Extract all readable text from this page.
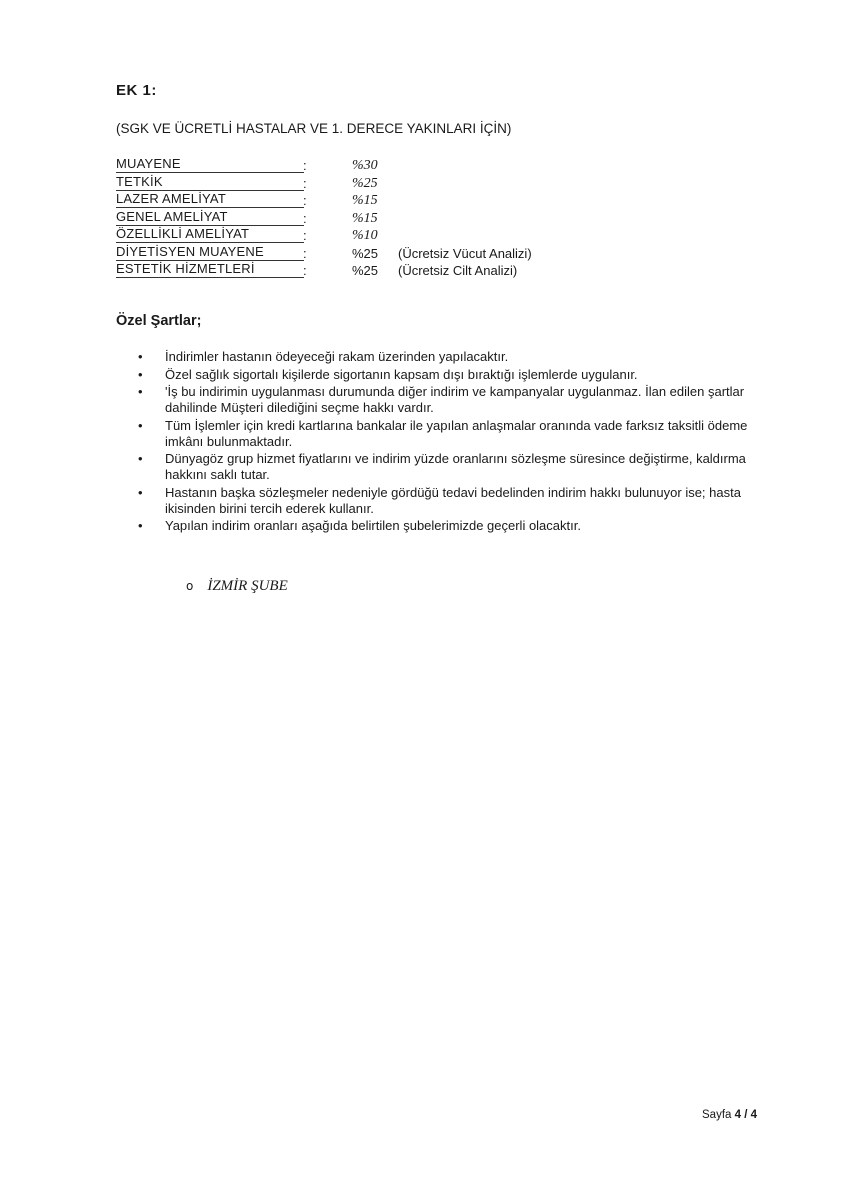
EK 1:
(SGK VE ÜCRETLİ HASTALAR VE 1. DERECE YAKINLARI İÇİN)
MUAYENE	:	%30
TETKİK	:	%25
LAZER AMELİYAT	:	%15
GENEL AMELİYAT	:	%15
ÖZELLİKLİ AMELİYAT	:	%10
DİYETİSYEN MUAYENE	:	%25 (Ücretsiz Vücut Analizi)
ESTETİK HİZMETLERİ	:	%25 (Ücretsiz Cilt Analizi)
Özel Şartlar;
• İndirimler hastanın ödeyeceği rakam üzerinden yapılacaktır.
• Özel sağlık sigortalı kişilerde sigortanın kapsam dışı bıraktığı işlemlerde uygulanır.
• 'İş bu indirimin uygulanması durumunda diğer indirim ve kampanyalar uygulanmaz. İlan edilen şartlar dahilinde Müşteri dilediğini seçme hakkı vardır.
• Tüm İşlemler için kredi kartlarına bankalar ile yapılan anlaşmalar oranında vade farksız taksitli ödeme imkânı bulunmaktadır.
• Dünyagöz grup hizmet fiyatlarını ve indirim yüzde oranlarını sözleşme süresince değiştirme, kaldırma hakkını saklı tutar.
• Hastanın başka sözleşmeler nedeniyle gördüğü tedavi bedelinden indirim hakkı bulunuyor ise; hasta ikisinden birini tercih ederek kullanır.
• Yapılan indirim oranları aşağıda belirtilen şubelerimizde geçerli olacaktır.
o İZMİR ŞUBE
Sayfa 4 / 4
